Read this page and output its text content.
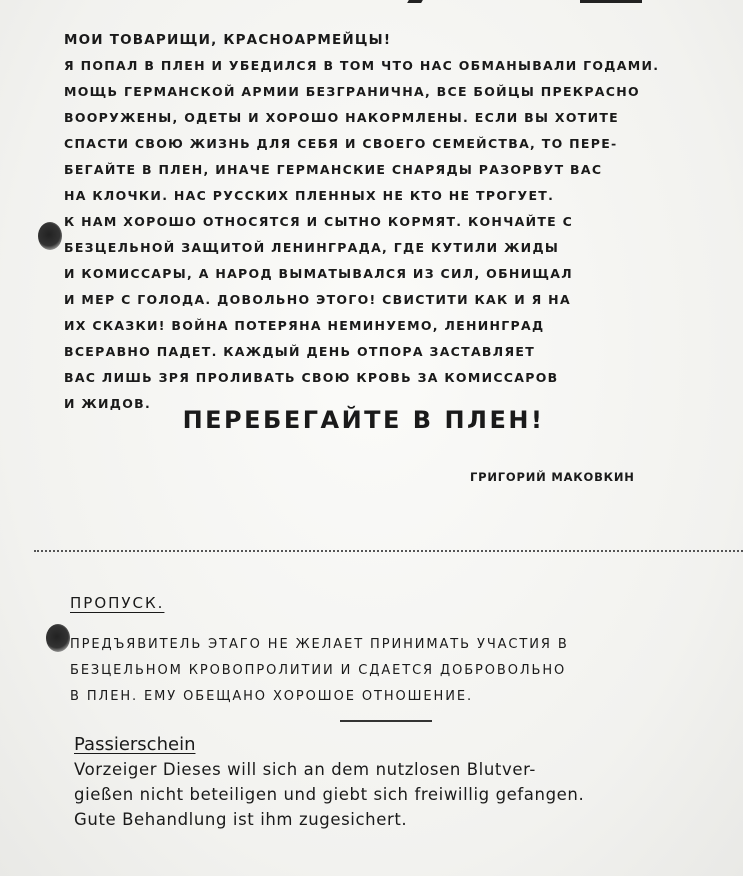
МОИ ТОВАРИЩИ, КРАСНОАРМЕЙЦЫ!
Я ПОПАЛ В ПЛЕН И УБЕДИЛСЯ В ТОМ ЧТО НАС ОБМАНЫВАЛИ ГОДАМИ.
МОЩЬ ГЕРМАНСКОЙ АРМИИ БЕЗГРАНИЧНА, ВСЕ БОЙЦЫ ПРЕКРАСНО
ВООРУЖЕНЫ, ОДЕТЫ И ХОРОШО НАКОРМЛЕНЫ. ЕСЛИ ВЫ ХОТИТЕ
СПАСТИ СВОЮ ЖИЗНЬ ДЛЯ СЕБЯ И СВОЕГО СЕМЕЙСТВА, ТО ПЕРЕ-
БЕГАЙТЕ В ПЛЕН, ИНАЧЕ ГЕРМАНСКИЕ СНАРЯДЫ РАЗОРВУТ ВАС
НА КЛОЧКИ. НАС РУССКИХ ПЛЕННЫХ НЕ КТО НЕ ТРОГУЕТ.
К НАМ ХОРОШО ОТНОСЯТСЯ И СЫТНО КОРМЯТ. КОНЧАЙТЕ С
БЕЗЦЕЛЬНОЙ ЗАЩИТОЙ ЛЕНИНГРАДА, ГДЕ КУТИЛИ ЖИДЫ
И КОМИССАРЫ, А НАРОД ВЫМАТЫВАЛСЯ ИЗ СИЛ, ОБНИЩАЛ
И МЕР С ГОЛОДА. ДОВОЛЬНО ЭТОГО! СВИСТИТИ КАК И Я НА
ИХ СКАЗКИ! ВОЙНА ПОТЕРЯНА НЕМИНУЕМО, ЛЕНИНГРАД
ВСЕРАВНО ПАДЕТ. КАЖДЫЙ ДЕНЬ ОТПОРА ЗАСТАВЛЯЕТ
ВАС ЛИШЬ ЗРЯ ПРОЛИВАТЬ СВОЮ КРОВЬ ЗА КОМИССАРОВ
И ЖИДОВ.
ПЕРЕБЕГАЙТЕ В ПЛЕН!
ГРИГОРИЙ МАКОВКИН
ПРОПУСК.
ПРЕДЪЯВИТЕЛЬ ЭТАГО НЕ ЖЕЛАЕТ ПРИНИМАТЬ УЧАСТИЯ В
БЕЗЦЕЛЬНОМ КРОВОПРОЛИТИИ И СДАЕТСЯ ДОБРОВОЛЬНО
В ПЛЕН. ЕМУ ОБЕЩАНО ХОРОШОЕ ОТНОШЕНИЕ.
Passierschein
Vorzeiger Dieses will sich an dem nutzlosen Blutver-
gießen nicht beteiligen und giebt sich freiwillig gefangen.
Gute Behandlung ist ihm zugesichert.
